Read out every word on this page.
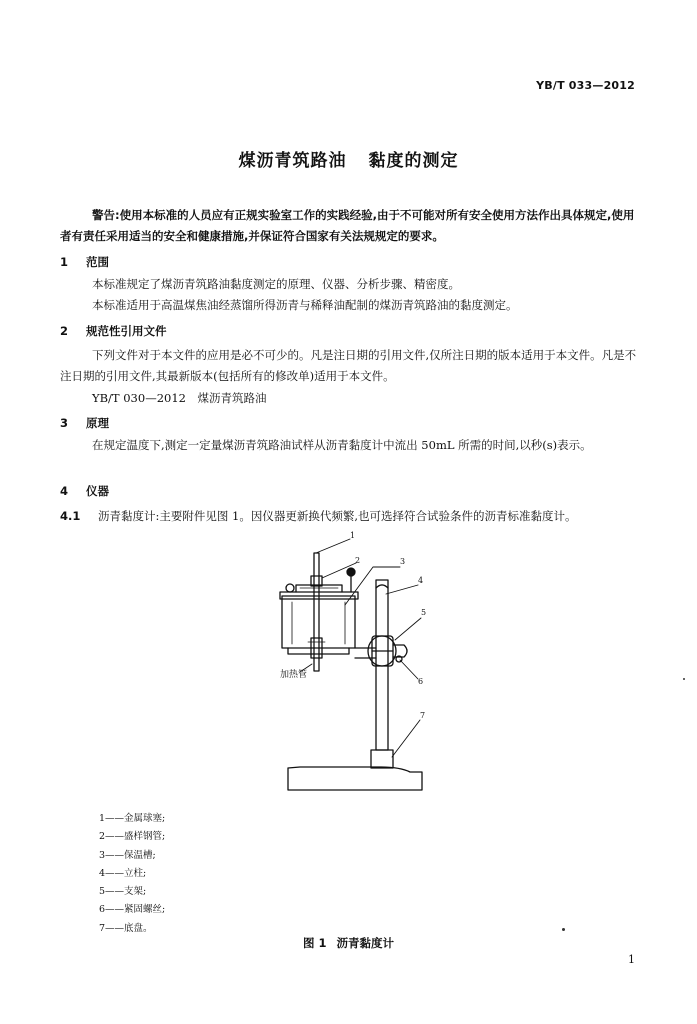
YB/T 033—2012
煤沥青筑路油 黏度的测定

警告:使用本标准的人员应有正规实验室工作的实践经验,由于不可能对所有安全使用方法作出具体规定,使用者有责任采用适当的安全和健康措施,并保证符合国家有关法规规定的要求。

1 范围

本标准规定了煤沥青筑路油黏度测定的原理、仪器、分析步骤、精密度。

本标准适用于高温煤焦油经蒸馏所得沥青与稀释油配制的煤沥青筑路油的黏度测定。

2 规范性引用文件

下列文件对于本文件的应用是必不可少的。凡是注日期的引用文件,仅所注日期的版本适用于本文件。凡是不注日期的引用文件,其最新版本(包括所有的修改单)适用于本文件。

YB/T 030—2012　煤沥青筑路油
3 原理

在规定温度下,测定一定量煤沥青筑路油试样从沥青黏度计中流出 50mL 所需的时间,以秒(s)表示。

4 仪器
4.1 沥青黏度计:主要附件见图 1。因仪器更新换代频繁,也可选择符合试验条件的沥青标准黏度计。
1
2	3
4
5
6
7
加热管
1——金属球塞;
2——盛样钢管;
3——保温槽;
4——立柱;
5——支架;
6——紧固螺丝;
7——底盘。
图 1 沥青黏度计
1
